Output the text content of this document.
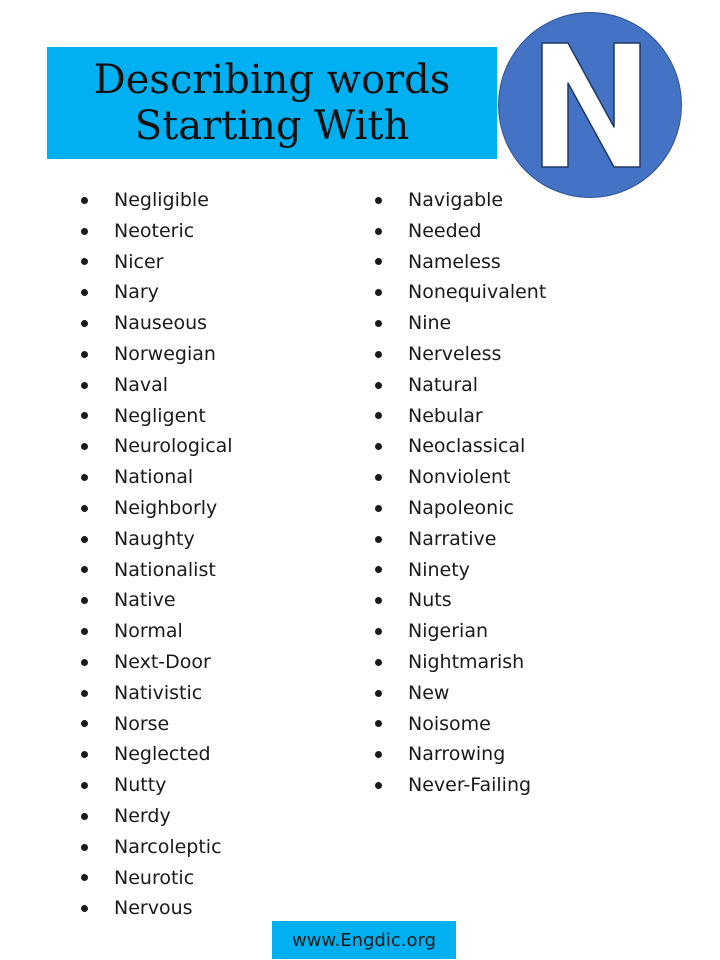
Describing words
Starting With
Negligible
Neoteric
Nicer
Nary
Nauseous
Norwegian
Naval
Negligent
Neurological
National
Neighborly
Naughty
Nationalist
Native
Normal
Next-Door
Nativistic
Norse
Neglected
Nutty
Nerdy
Narcoleptic
Neurotic
Nervous
Navigable
Needed
Nameless
Nonequivalent
Nine
Nerveless
Natural
Nebular
Neoclassical
Nonviolent
Napoleonic
Narrative
Ninety
Nuts
Nigerian
Nightmarish
New
Noisome
Narrowing
Never-Failing
www.Engdic.org
